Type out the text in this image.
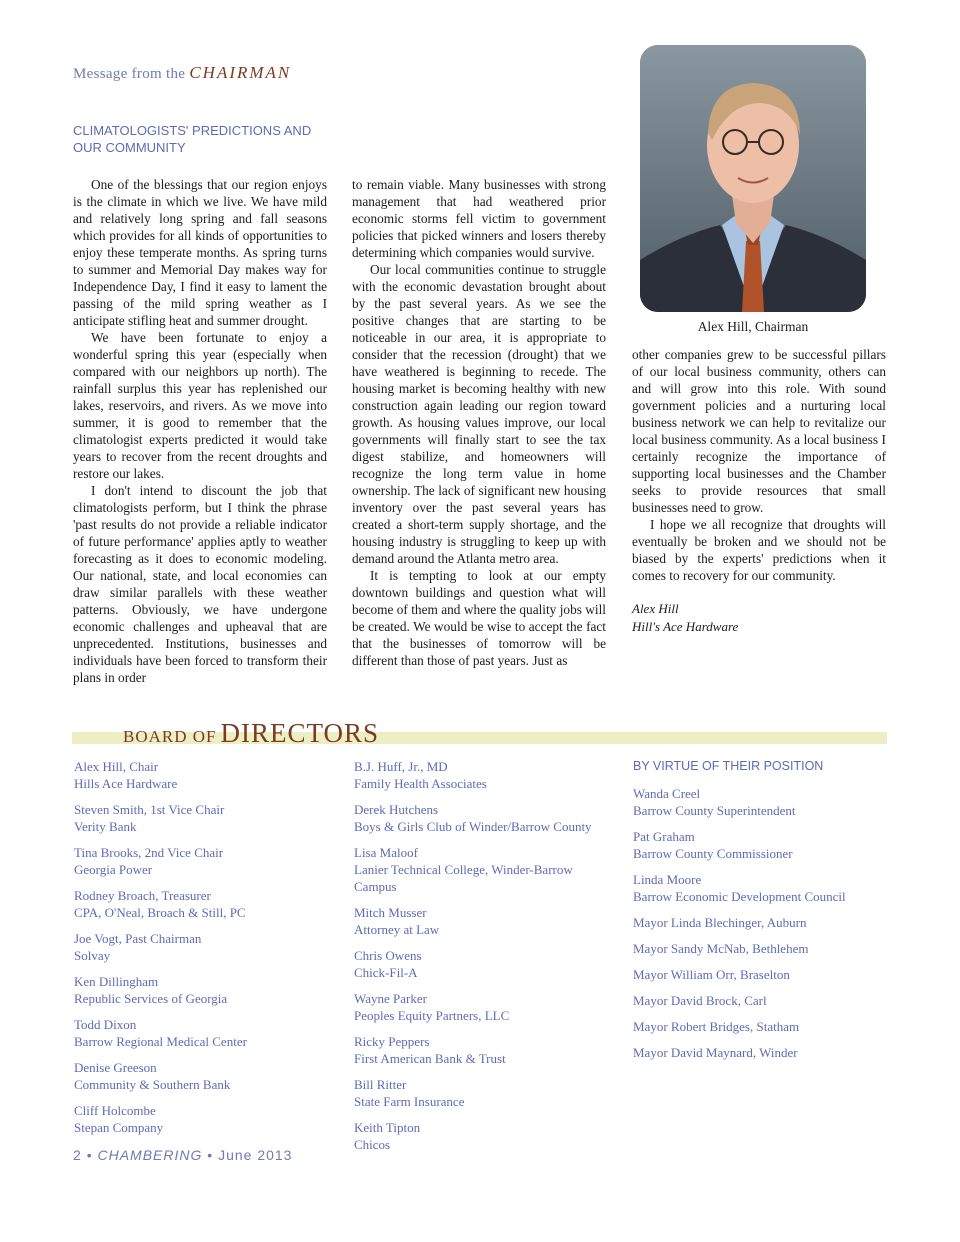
Message from the CHAIRMAN
CLIMATOLOGISTS' PREDICTIONS AND OUR COMMUNITY

One of the blessings that our region enjoys is the climate in which we live. We have mild and relatively long spring and fall seasons which provides for all kinds of opportunities to enjoy these temperate months. As spring turns to summer and Memorial Day makes way for Independence Day, I find it easy to lament the passing of the mild spring weather as I anticipate stifling heat and summer drought.

We have been fortunate to enjoy a wonderful spring this year (especially when compared with our neighbors up north). The rainfall surplus this year has replenished our lakes, reservoirs, and rivers. As we move into summer, it is good to remember that the climatologist experts predicted it would take years to recover from the recent droughts and restore our lakes.

I don't intend to discount the job that climatologists perform, but I think the phrase 'past results do not provide a reliable indicator of future performance' applies aptly to weather forecasting as it does to economic modeling. Our national, state, and local economies can draw similar parallels with these weather patterns. Obviously, we have undergone economic challenges and upheaval that are unprecedented. Institutions, businesses and individuals have been forced to transform their plans in order

to remain viable. Many businesses with strong management that had weathered prior economic storms fell victim to government policies that picked winners and losers thereby determining which companies would survive.

Our local communities continue to struggle with the economic devastation brought about by the past several years. As we see the positive changes that are starting to be noticeable in our area, it is appropriate to consider that the recession (drought) that we have weathered is beginning to recede. The housing market is becoming healthy with new construction again leading our region toward growth. As housing values improve, our local governments will finally start to see the tax digest stabilize, and homeowners will recognize the long term value in home ownership. The lack of significant new housing inventory over the past several years has created a short-term supply shortage, and the housing industry is struggling to keep up with demand around the Atlanta metro area.

It is tempting to look at our empty downtown buildings and question what will become of them and where the quality jobs will be created. We would be wise to accept the fact that the businesses of tomorrow will be different than those of past years. Just as

Alex Hill, Chairman

other companies grew to be successful pillars of our local business community, others can and will grow into this role. With sound government policies and a nurturing local business network we can help to revitalize our local business community. As a local business I certainly recognize the importance of supporting local businesses and the Chamber seeks to provide resources that small businesses need to grow.

I hope we all recognize that droughts will eventually be broken and we should not be biased by the experts' predictions when it comes to recovery for our community.

Alex Hill
Hill's Ace Hardware
BOARD OF DIRECTORS
Alex Hill, Chair
Hills Ace Hardware
Steven Smith, 1st Vice Chair
Verity Bank
Tina Brooks, 2nd Vice Chair
Georgia Power
Rodney Broach, Treasurer
CPA, O'Neal, Broach & Still, PC
Joe Vogt, Past Chairman
Solvay
Ken Dillingham
Republic Services of Georgia
Todd Dixon
Barrow Regional Medical Center
Denise Greeson
Community & Southern Bank
Cliff Holcombe
Stepan Company
B.J. Huff, Jr., MD
Family Health Associates
Derek Hutchens
Boys & Girls Club of Winder/Barrow County
Lisa Maloof
Lanier Technical College, Winder-Barrow Campus
Mitch Musser
Attorney at Law
Chris Owens
Chick-Fil-A
Wayne Parker
Peoples Equity Partners, LLC
Ricky Peppers
First American Bank & Trust
Bill Ritter
State Farm Insurance
Keith Tipton
Chicos
BY VIRTUE OF THEIR POSITION
Wanda Creel
Barrow County Superintendent
Pat Graham
Barrow County Commissioner
Linda Moore
Barrow Economic Development Council
Mayor Linda Blechinger, Auburn
Mayor Sandy McNab, Bethlehem
Mayor William Orr, Braselton
Mayor David Brock, Carl
Mayor Robert Bridges, Statham
Mayor David Maynard, Winder
2 • CHAMBERING • June 2013
